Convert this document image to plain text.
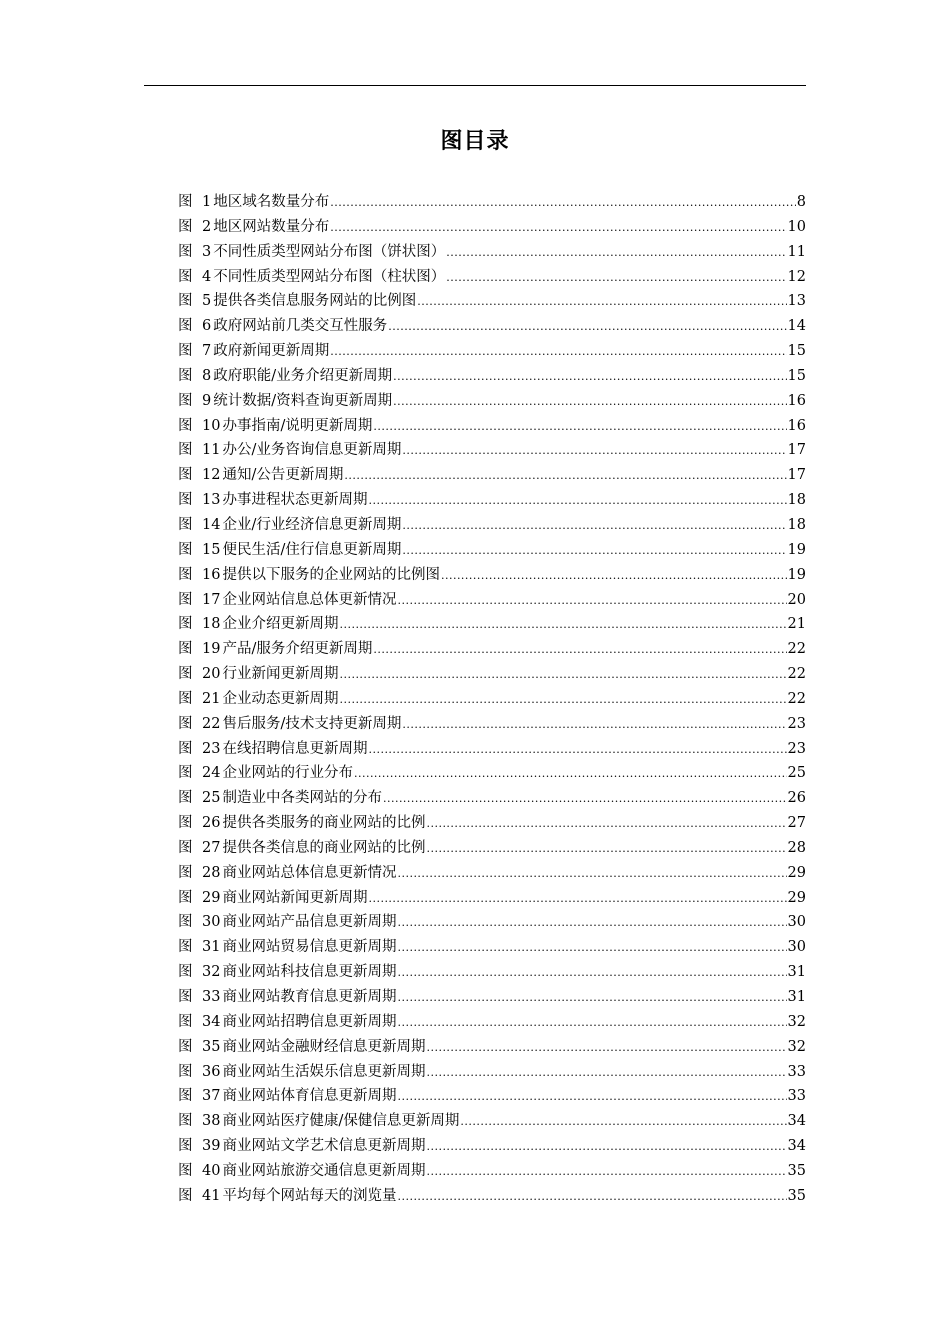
图目录
图 1 地区域名数量分布 .....	8
图 2 地区网站数量分布 .....	10
图 3 不同性质类型网站分布图（饼状图） .....	11
图 4 不同性质类型网站分布图（柱状图） .....	12
图 5 提供各类信息服务网站的比例图 .....	13
图 6 政府网站前几类交互性服务 .....	14
图 7 政府新闻更新周期 .....	15
图 8 政府职能/业务介绍更新周期 .....	15
图 9 统计数据/资料查询更新周期 .....	16
图 10 办事指南/说明更新周期 .....	16
图 11 办公/业务咨询信息更新周期 .....	17
图 12 通知/公告更新周期 .....	17
图 13 办事进程状态更新周期 .....	18
图 14 企业/行业经济信息更新周期 .....	18
图 15 便民生活/住行信息更新周期 .....	19
图 16 提供以下服务的企业网站的比例图 .....	19
图 17 企业网站信息总体更新情况 .....	20
图 18 企业介绍更新周期 .....	21
图 19 产品/服务介绍更新周期 .....	22
图 20 行业新闻更新周期 .....	22
图 21 企业动态更新周期 .....	22
图 22 售后服务/技术支持更新周期 .....	23
图 23 在线招聘信息更新周期 .....	23
图 24 企业网站的行业分布 .....	25
图 25 制造业中各类网站的分布 .....	26
图 26 提供各类服务的商业网站的比例 .....	27
图 27 提供各类信息的商业网站的比例 .....	28
图 28 商业网站总体信息更新情况 .....	29
图 29 商业网站新闻更新周期 .....	29
图 30 商业网站产品信息更新周期 .....	30
图 31 商业网站贸易信息更新周期 .....	30
图 32 商业网站科技信息更新周期 .....	31
图 33 商业网站教育信息更新周期 .....	31
图 34 商业网站招聘信息更新周期 .....	32
图 35 商业网站金融财经信息更新周期 .....	32
图 36 商业网站生活娱乐信息更新周期 .....	33
图 37 商业网站体育信息更新周期 .....	33
图 38 商业网站医疗健康/保健信息更新周期 .....	34
图 39 商业网站文学艺术信息更新周期 .....	34
图 40 商业网站旅游交通信息更新周期 .....	35
图 41 平均每个网站每天的浏览量 .....	35
